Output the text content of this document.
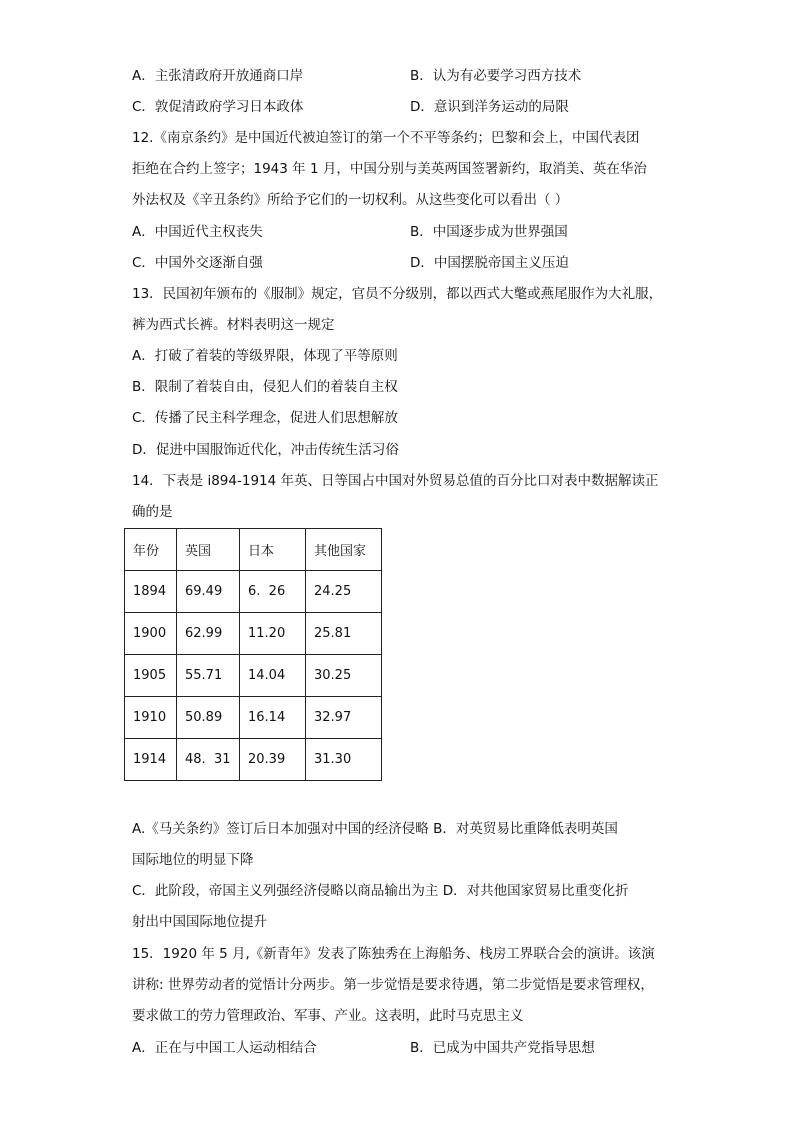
A．主张清政府开放通商口岸	B．认为有必要学习西方技术
C．敦促清政府学习日本政体	D．意识到洋务运动的局限
12.《南京条约》是中国近代被迫签订的第一个不平等条约；巴黎和会上，中国代表团
拒绝在合约上签字；1943 年 1 月，中国分别与美英两国签署新约，取消美、英在华治
外法权及《辛丑条约》所给予它们的一切权利。从这些变化可以看出（ ）
A．中国近代主权丧失	B．中国逐步成为世界强国
C．中国外交逐渐自强	D．中国摆脱帝国主义压迫
13．民国初年颁布的《服制》规定，官员不分级别，都以西式大氅或燕尾服作为大礼服，
裤为西式长裤。材料表明这一规定
A．打破了着装的等级界限，体现了平等原则
B．限制了着装自由，侵犯人们的着装自主权
C．传播了民主科学理念，促进人们思想解放
D．促进中国服饰近代化，冲击传统生活习俗
14．下表是 i894-1914 年英、日等国占中国对外贸易总值的百分比口对表中数据解读正
确的是
年份	英国	日本	其他国家
1894	69.49	6.  26	24.25
1900	62.99	11.20	25.81
1905	55.71	14.04	30.25
1910	50.89	16.14	32.97
1914	48.  31	20.39	31.30
A.《马关条约》签订后日本加强对中国的经济侵略 B．对英贸易比重降低表明英国
国际地位的明显下降
C．此阶段，帝国主义列强经济侵略以商品输出为主 D．对共他国家贸易比重变化折
射出中国国际地位提升
15．1920 年 5 月,《新青年》发表了陈独秀在上海船务、栈房工界联合会的演讲。该演
讲称: 世界劳动者的觉悟计分两步。第一步觉悟是要求待遇，第二步觉悟是要求管理权，
要求做工的劳力管理政治、军事、产业。这表明，此时马克思主义
A．正在与中国工人运动相结合	B．已成为中国共产党指导思想
